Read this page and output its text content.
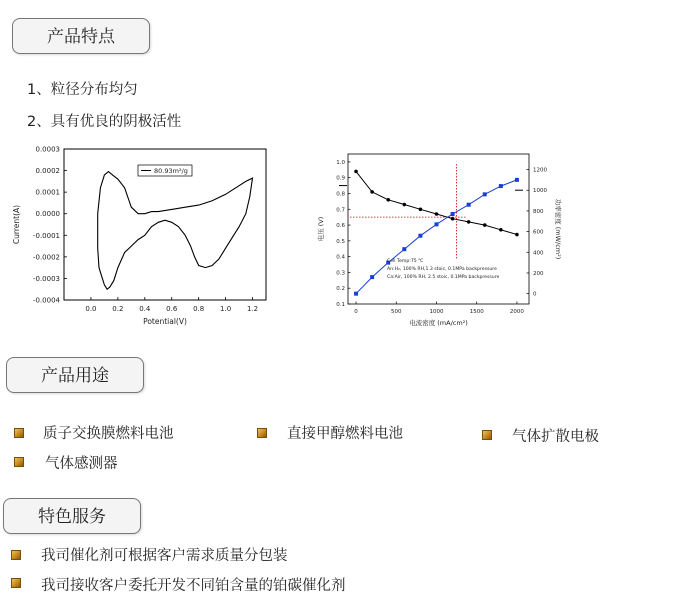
产品特点
1、粒径分布均匀
2、具有优良的阴极活性
0.0003
0.0002
0.0001
0.0000
-0.0001
-0.0002
-0.0003
-0.0004
0.0 0.2 0.4 0.6 0.8 1.0 1.2
Potential(V)
Current(A)
80.93m²/g
0.1
0.2
0.3
0.4
0.5
0.6
0.7
0.8
0.9
1.0
0
200
400
600
800
1000
1200
0	500	1000	1500	2000
电流密度 (mA/cm²)
电压 (V)	功率密度 (mW/cm²)
Cell Temp:75 ℃
An:H₂, 100% RH,1.3 stoic, 0.1MPa backpressure
Ca:Air, 100% RH, 2.5 stoic, 0.1MPa backpressure
产品用途
质子交换膜燃料电池	直接甲醇燃料电池	气体扩散电极
气体感测器
特色服务
我司催化剂可根据客户需求质量分包装
我司接收客户委托开发不同铂含量的铂碳催化剂
